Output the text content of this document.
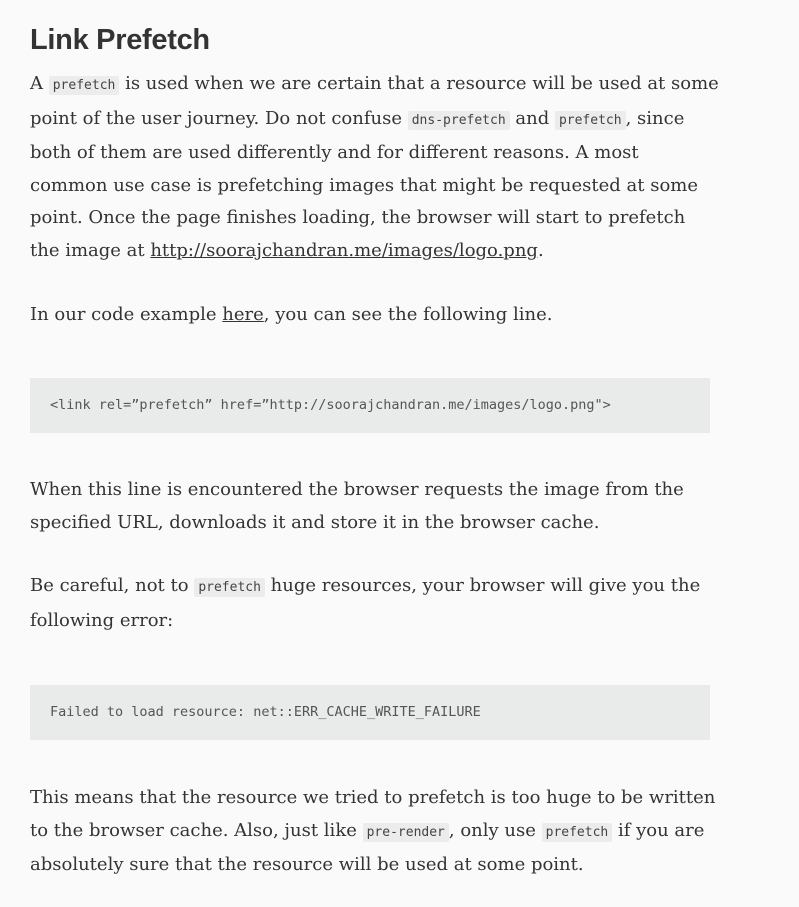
Link Prefetch

A prefetch is used when we are certain that a resource will be used at some point of the user journey. Do not confuse dns-prefetch and prefetch , since both of them are used differently and for different reasons. A most common use case is prefetching images that might be requested at some point. Once the page finishes loading, the browser will start to prefetch the image at http://soorajchandran.me/images/logo.png.

In our code example here, you can see the following line.

<link rel=”prefetch” href=”http://soorajchandran.me/images/logo.png">

When this line is encountered the browser requests the image from the specified URL, downloads it and store it in the browser cache.

Be careful, not to prefetch huge resources, your browser will give you the following error:

Failed to load resource: net::ERR_CACHE_WRITE_FAILURE

This means that the resource we tried to prefetch is too huge to be written to the browser cache. Also, just like pre-render , only use prefetch if you are absolutely sure that the resource will be used at some point.
